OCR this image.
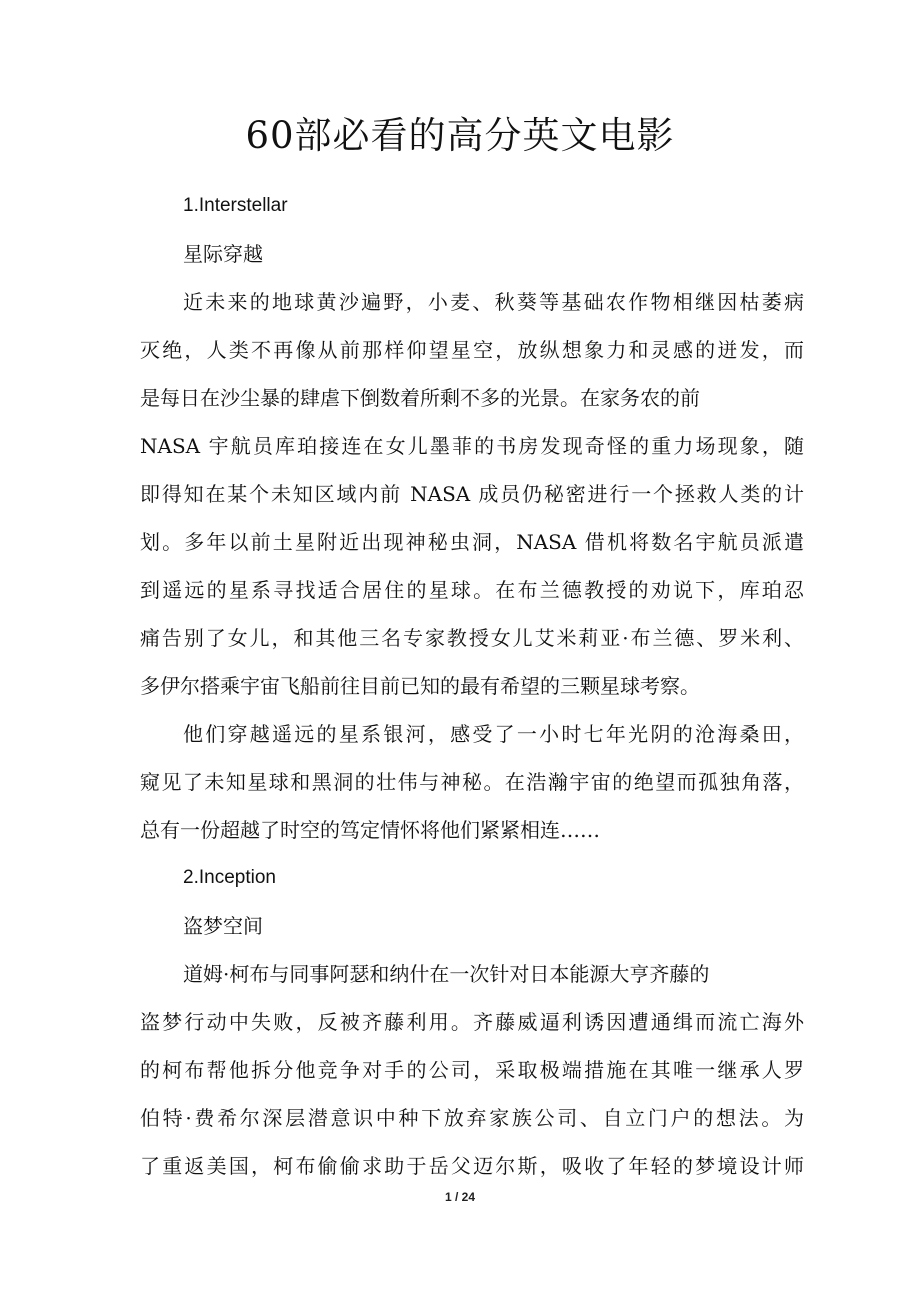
60部必看的高分英文电影

1.Interstellar

星际穿越

近未来的地球黄沙遍野，小麦、秋葵等基础农作物相继因枯萎病
灭绝，人类不再像从前那样仰望星空，放纵想象力和灵感的迸发，而
是每日在沙尘暴的肆虐下倒数着所剩不多的光景。在家务农的前
NASA 宇航员库珀接连在女儿墨菲的书房发现奇怪的重力场现象，随
即得知在某个未知区域内前 NASA 成员仍秘密进行一个拯救人类的计
划。多年以前土星附近出现神秘虫洞，NASA 借机将数名宇航员派遣
到遥远的星系寻找适合居住的星球。在布兰德教授的劝说下，库珀忍
痛告别了女儿，和其他三名专家教授女儿艾米莉亚·布兰德、罗米利、
多伊尔搭乘宇宙飞船前往目前已知的最有希望的三颗星球考察。

他们穿越遥远的星系银河，感受了一小时七年光阴的沧海桑田，
窥见了未知星球和黑洞的壮伟与神秘。在浩瀚宇宙的绝望而孤独角落，
总有一份超越了时空的笃定情怀将他们紧紧相连……

2.Inception

盗梦空间

道姆·柯布与同事阿瑟和纳什在一次针对日本能源大亨齐藤的
盗梦行动中失败，反被齐藤利用。齐藤威逼利诱因遭通缉而流亡海外
的柯布帮他拆分他竞争对手的公司，采取极端措施在其唯一继承人罗
伯特·费希尔深层潜意识中种下放弃家族公司、自立门户的想法。为
了重返美国，柯布偷偷求助于岳父迈尔斯，吸收了年轻的梦境设计师

1 / 24
